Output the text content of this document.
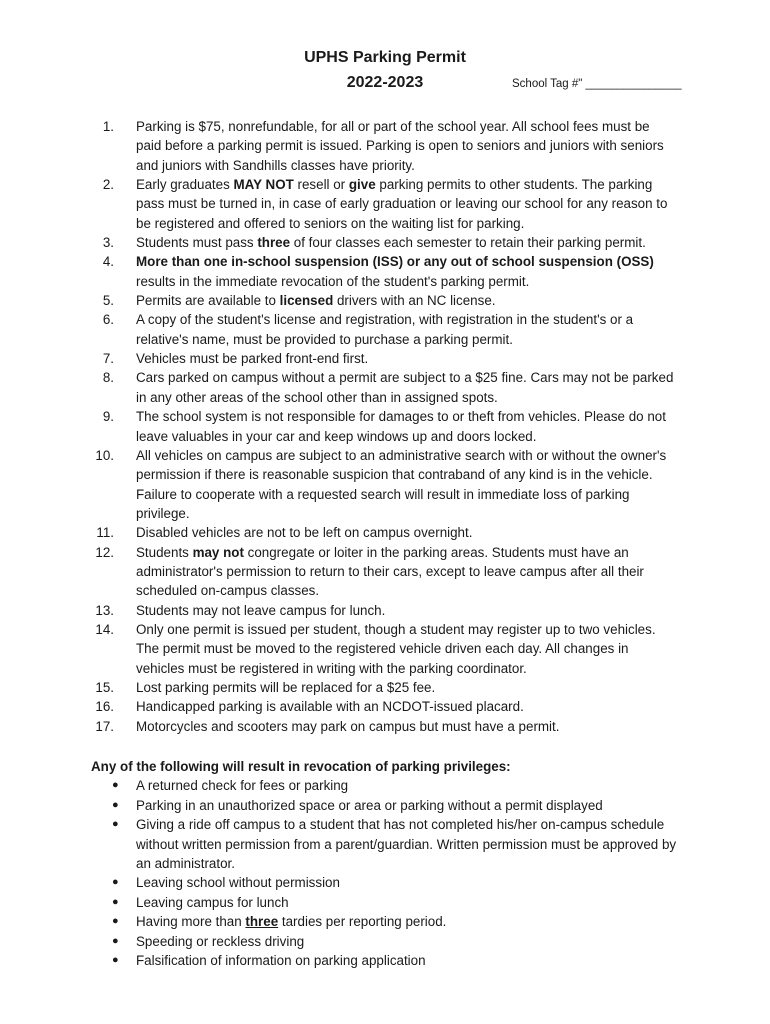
UPHS Parking Permit
2022-2023	School Tag #" _______________
1. Parking is $75, nonrefundable, for all or part of the school year. All school fees must be paid before a parking permit is issued. Parking is open to seniors and juniors with seniors and juniors with Sandhills classes have priority.
2. Early graduates MAY NOT resell or give parking permits to other students. The parking pass must be turned in, in case of early graduation or leaving our school for any reason to be registered and offered to seniors on the waiting list for parking.
3. Students must pass three of four classes each semester to retain their parking permit.
4. More than one in-school suspension (ISS) or any out of school suspension (OSS) results in the immediate revocation of the student's parking permit.
5. Permits are available to licensed drivers with an NC license.
6. A copy of the student's license and registration, with registration in the student's or a relative's name, must be provided to purchase a parking permit.
7. Vehicles must be parked front-end first.
8. Cars parked on campus without a permit are subject to a $25 fine. Cars may not be parked in any other areas of the school other than in assigned spots.
9. The school system is not responsible for damages to or theft from vehicles. Please do not leave valuables in your car and keep windows up and doors locked.
10. All vehicles on campus are subject to an administrative search with or without the owner's permission if there is reasonable suspicion that contraband of any kind is in the vehicle. Failure to cooperate with a requested search will result in immediate loss of parking privilege.
11. Disabled vehicles are not to be left on campus overnight.
12. Students may not congregate or loiter in the parking areas. Students must have an administrator's permission to return to their cars, except to leave campus after all their scheduled on-campus classes.
13. Students may not leave campus for lunch.
14. Only one permit is issued per student, though a student may register up to two vehicles. The permit must be moved to the registered vehicle driven each day. All changes in vehicles must be registered in writing with the parking coordinator.
15. Lost parking permits will be replaced for a $25 fee.
16. Handicapped parking is available with an NCDOT-issued placard.
17. Motorcycles and scooters may park on campus but must have a permit.
Any of the following will result in revocation of parking privileges:
● A returned check for fees or parking
● Parking in an unauthorized space or area or parking without a permit displayed
● Giving a ride off campus to a student that has not completed his/her on-campus schedule without written permission from a parent/guardian. Written permission must be approved by an administrator.
● Leaving school without permission
● Leaving campus for lunch
● Having more than three tardies per reporting period.
● Speeding or reckless driving
● Falsification of information on parking application
